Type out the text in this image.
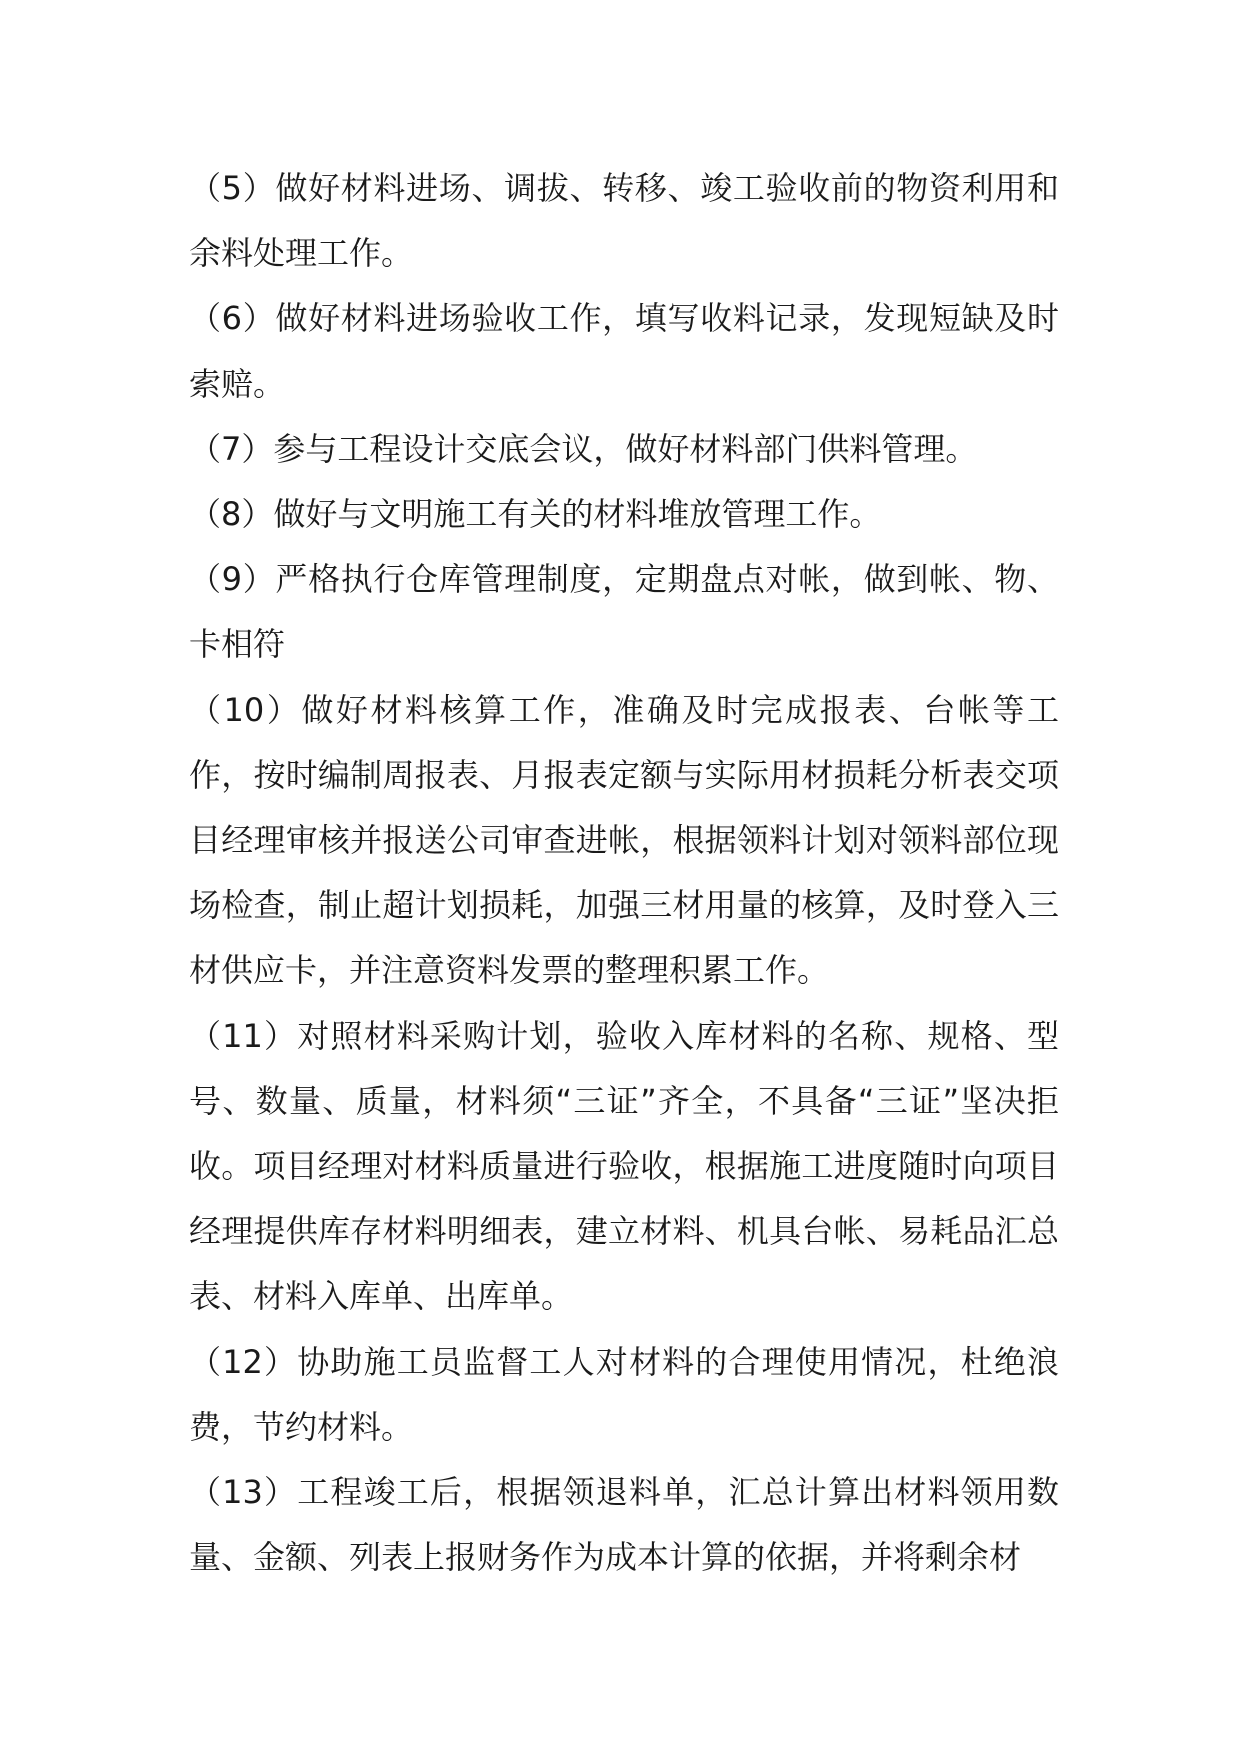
（5）做好材料进场、调拔、转移、竣工验收前的物资利用和余料处理工作。

（6）做好材料进场验收工作，填写收料记录，发现短缺及时索赔。

（7）参与工程设计交底会议，做好材料部门供料管理。

（8）做好与文明施工有关的材料堆放管理工作。

（9）严格执行仓库管理制度，定期盘点对帐，做到帐、物、卡相符

（10）做好材料核算工作，准确及时完成报表、台帐等工作，按时编制周报表、月报表定额与实际用材损耗分析表交项目经理审核并报送公司审查进帐，根据领料计划对领料部位现场检查，制止超计划损耗，加强三材用量的核算，及时登入三材供应卡，并注意资料发票的整理积累工作。

（11）对照材料采购计划，验收入库材料的名称、规格、型号、数量、质量，材料须“三证”齐全，不具备“三证”坚决拒收。项目经理对材料质量进行验收，根据施工进度随时向项目经理提供库存材料明细表，建立材料、机具台帐、易耗品汇总表、材料入库单、出库单。

（12）协助施工员监督工人对材料的合理使用情况，杜绝浪费，节约材料。

（13）工程竣工后，根据领退料单，汇总计算出材料领用数量、金额、列表上报财务作为成本计算的依据，并将剩余材
